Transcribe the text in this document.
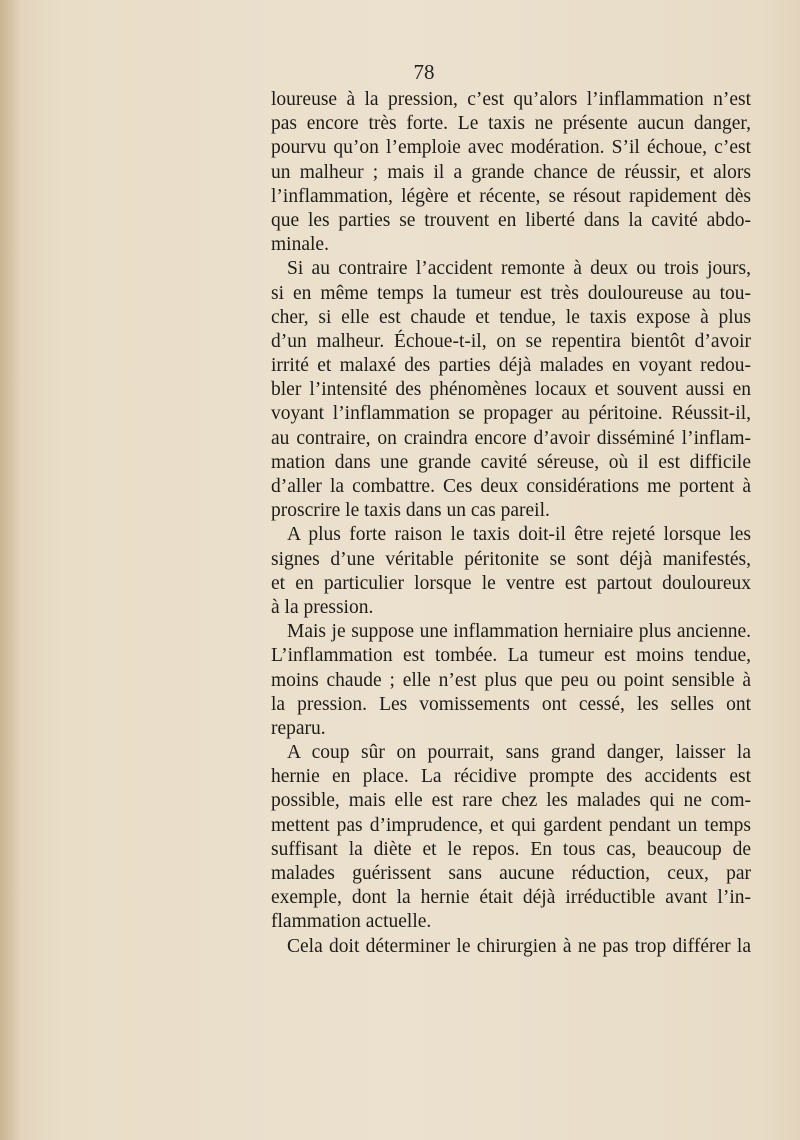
78
loureuse à la pression, c’est qu’alors l’inflammation n’est
pas encore très forte. Le taxis ne présente aucun danger,
pourvu qu’on l’emploie avec modération. S’il échoue, c’est
un malheur ; mais il a grande chance de réussir, et alors
l’inflammation, légère et récente, se résout rapidement dès
que les parties se trouvent en liberté dans la cavité abdo-
minale.
Si au contraire l’accident remonte à deux ou trois jours,
si en même temps la tumeur est très douloureuse au tou-
cher, si elle est chaude et tendue, le taxis expose à plus
d’un malheur. Échoue-t-il, on se repentira bientôt d’avoir
irrité et malaxé des parties déjà malades en voyant redou-
bler l’intensité des phénomènes locaux et souvent aussi en
voyant l’inflammation se propager au péritoine. Réussit-il,
au contraire, on craindra encore d’avoir disséminé l’inflam-
mation dans une grande cavité séreuse, où il est difficile
d’aller la combattre. Ces deux considérations me portent à
proscrire le taxis dans un cas pareil.
A plus forte raison le taxis doit-il être rejeté lorsque les
signes d’une véritable péritonite se sont déjà manifestés,
et en particulier lorsque le ventre est partout douloureux
à la pression.
Mais je suppose une inflammation herniaire plus ancienne.
L’inflammation est tombée. La tumeur est moins tendue,
moins chaude ; elle n’est plus que peu ou point sensible à
la pression. Les vomissements ont cessé, les selles ont
reparu.
A coup sûr on pourrait, sans grand danger, laisser la
hernie en place. La récidive prompte des accidents est
possible, mais elle est rare chez les malades qui ne com-
mettent pas d’imprudence, et qui gardent pendant un temps
suffisant la diète et le repos. En tous cas, beaucoup de
malades guérissent sans aucune réduction, ceux, par
exemple, dont la hernie était déjà irréductible avant l’in-
flammation actuelle.
Cela doit déterminer le chirurgien à ne pas trop différer la
